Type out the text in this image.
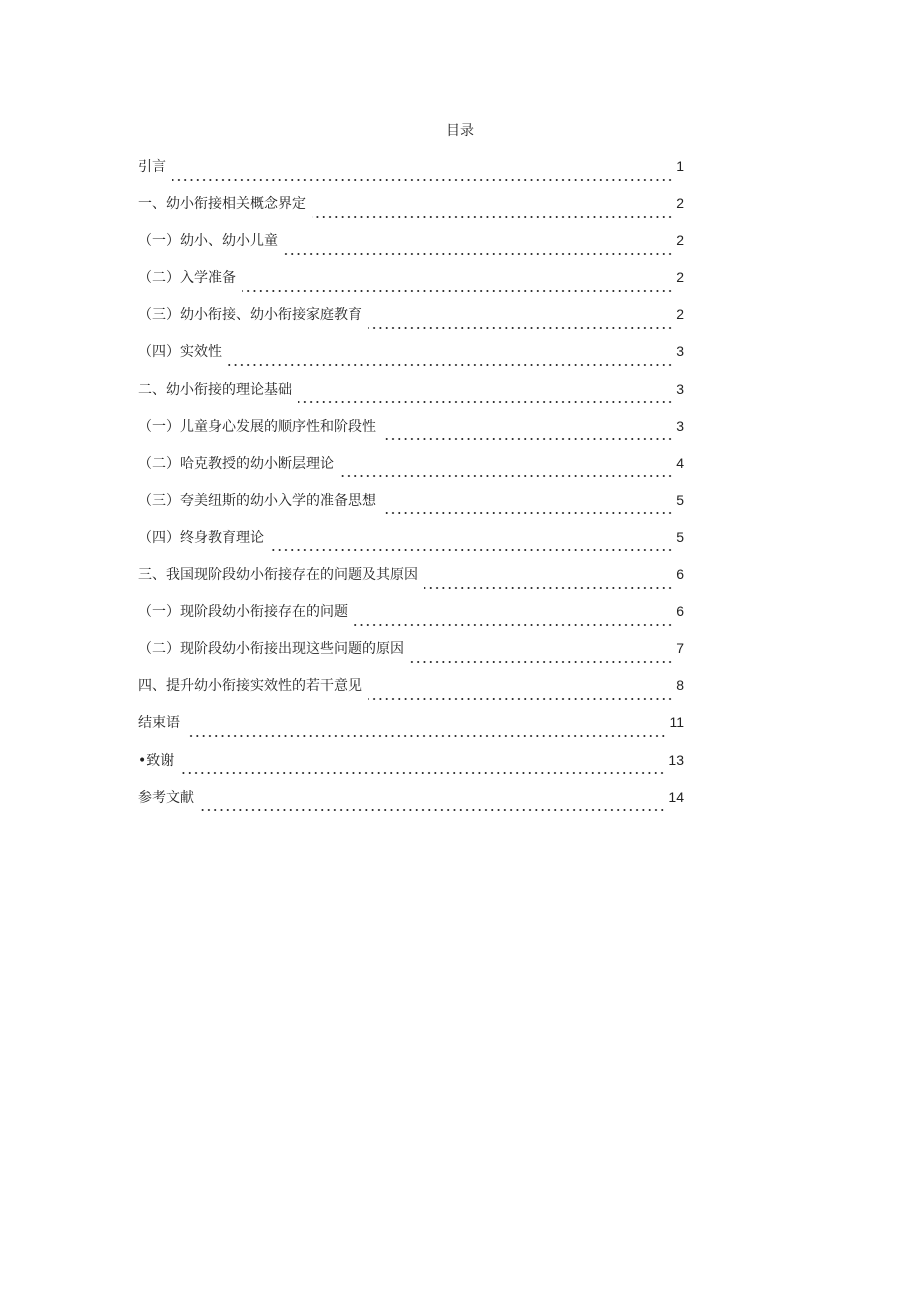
目录
引言	1
一、幼小衔接相关概念界定	2
（一）幼小、幼小儿童	2
（二）入学准备	2
（三）幼小衔接、幼小衔接家庭教育	2
（四）实效性	3
二、幼小衔接的理论基础	3
（一）儿童身心发展的顺序性和阶段性	3
（二）哈克教授的幼小断层理论	4
（三）夸美纽斯的幼小入学的准备思想	5
（四）终身教育理论	5
三、我国现阶段幼小衔接存在的问题及其原因	6
（一）现阶段幼小衔接存在的问题	6
（二）现阶段幼小衔接出现这些问题的原因	7
四、提升幼小衔接实效性的若干意见	8
结束语	11
•致谢	13
参考文献	14
